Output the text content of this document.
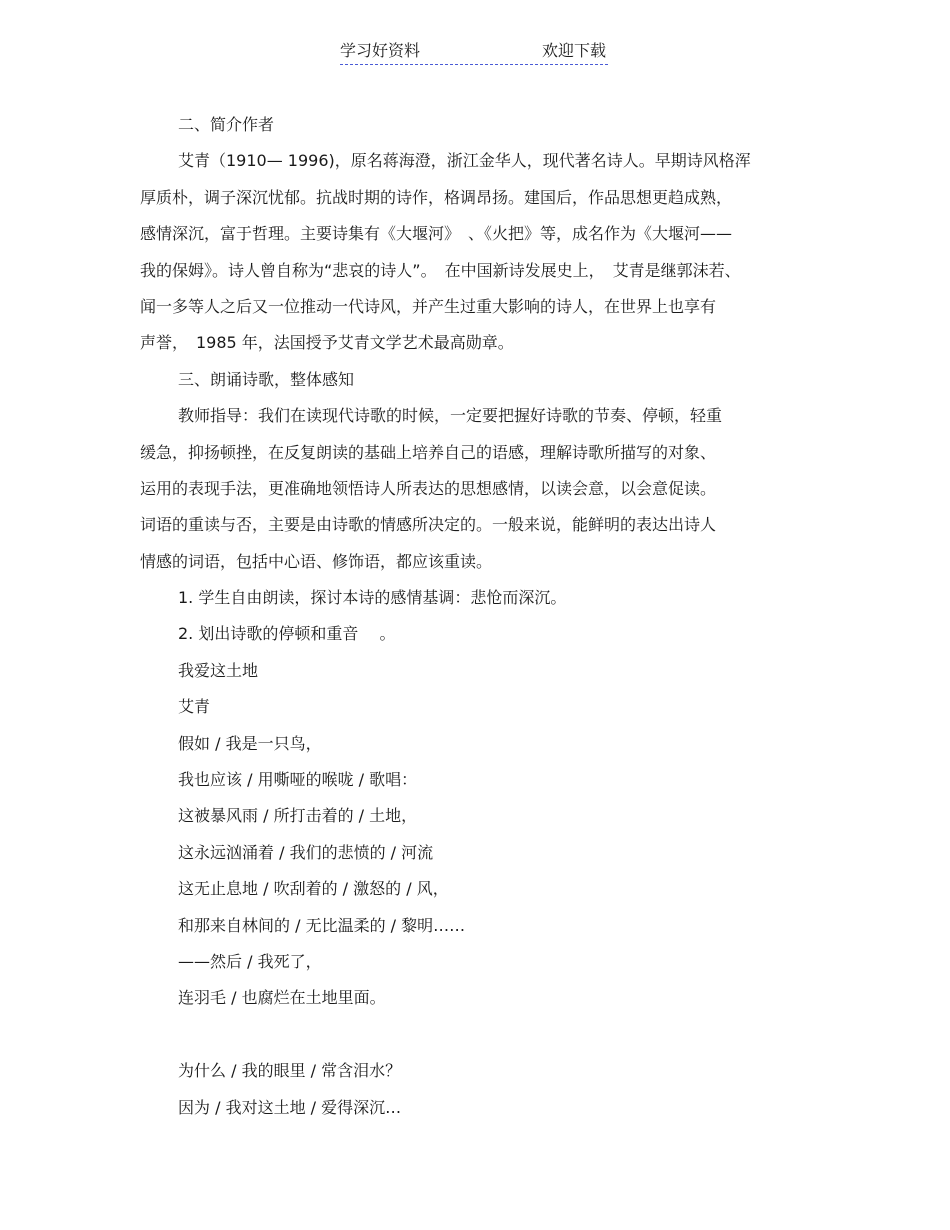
学习好资料	欢迎下载
二、简介作者
艾青（1910— 1996)，原名蒋海澄，浙江金华人，现代著名诗人。早期诗风格浑
厚质朴，调子深沉忧郁。抗战时期的诗作，格调昂扬。建国后，作品思想更趋成熟，
感情深沉，富于哲理。主要诗集有《大堰河》　、《火把》等，成名作为《大堰河——
我的保姆》。诗人曾自称为“悲哀的诗人”。　在中国新诗发展史上，　艾青是继郭沫若、
闻一多等人之后又一位推动一代诗风，并产生过重大影响的诗人，在世界上也享有
声誉，　1985 年，法国授予艾青文学艺术最高勋章。
三、朗诵诗歌，整体感知
教师指导：我们在读现代诗歌的时候，一定要把握好诗歌的节奏、停顿，轻重
缓急，抑扬顿挫，在反复朗读的基础上培养自己的语感，理解诗歌所描写的对象、
运用的表现手法，更准确地领悟诗人所表达的思想感情，以读会意，以会意促读。
词语的重读与否，主要是由诗歌的情感所决定的。一般来说，能鲜明的表达出诗人
情感的词语，包括中心语、修饰语，都应该重读。
1. 学生自由朗读，探讨本诗的感情基调：悲怆而深沉。
2. 划出诗歌的停顿和重音　 。
我爱这土地
艾青
假如 / 我是一只鸟，
我也应该 / 用嘶哑的喉咙 / 歌唱：
这被暴风雨 / 所打击着的 / 土地，
这永远汹涌着 / 我们的悲愤的 / 河流
这无止息地 / 吹刮着的 / 激怒的 / 风，
和那来自林间的 / 无比温柔的 / 黎明……
——然后 / 我死了，
连羽毛 / 也腐烂在土地里面。
为什么 / 我的眼里 / 常含泪水？
因为 / 我对这土地 / 爱得深沉…
